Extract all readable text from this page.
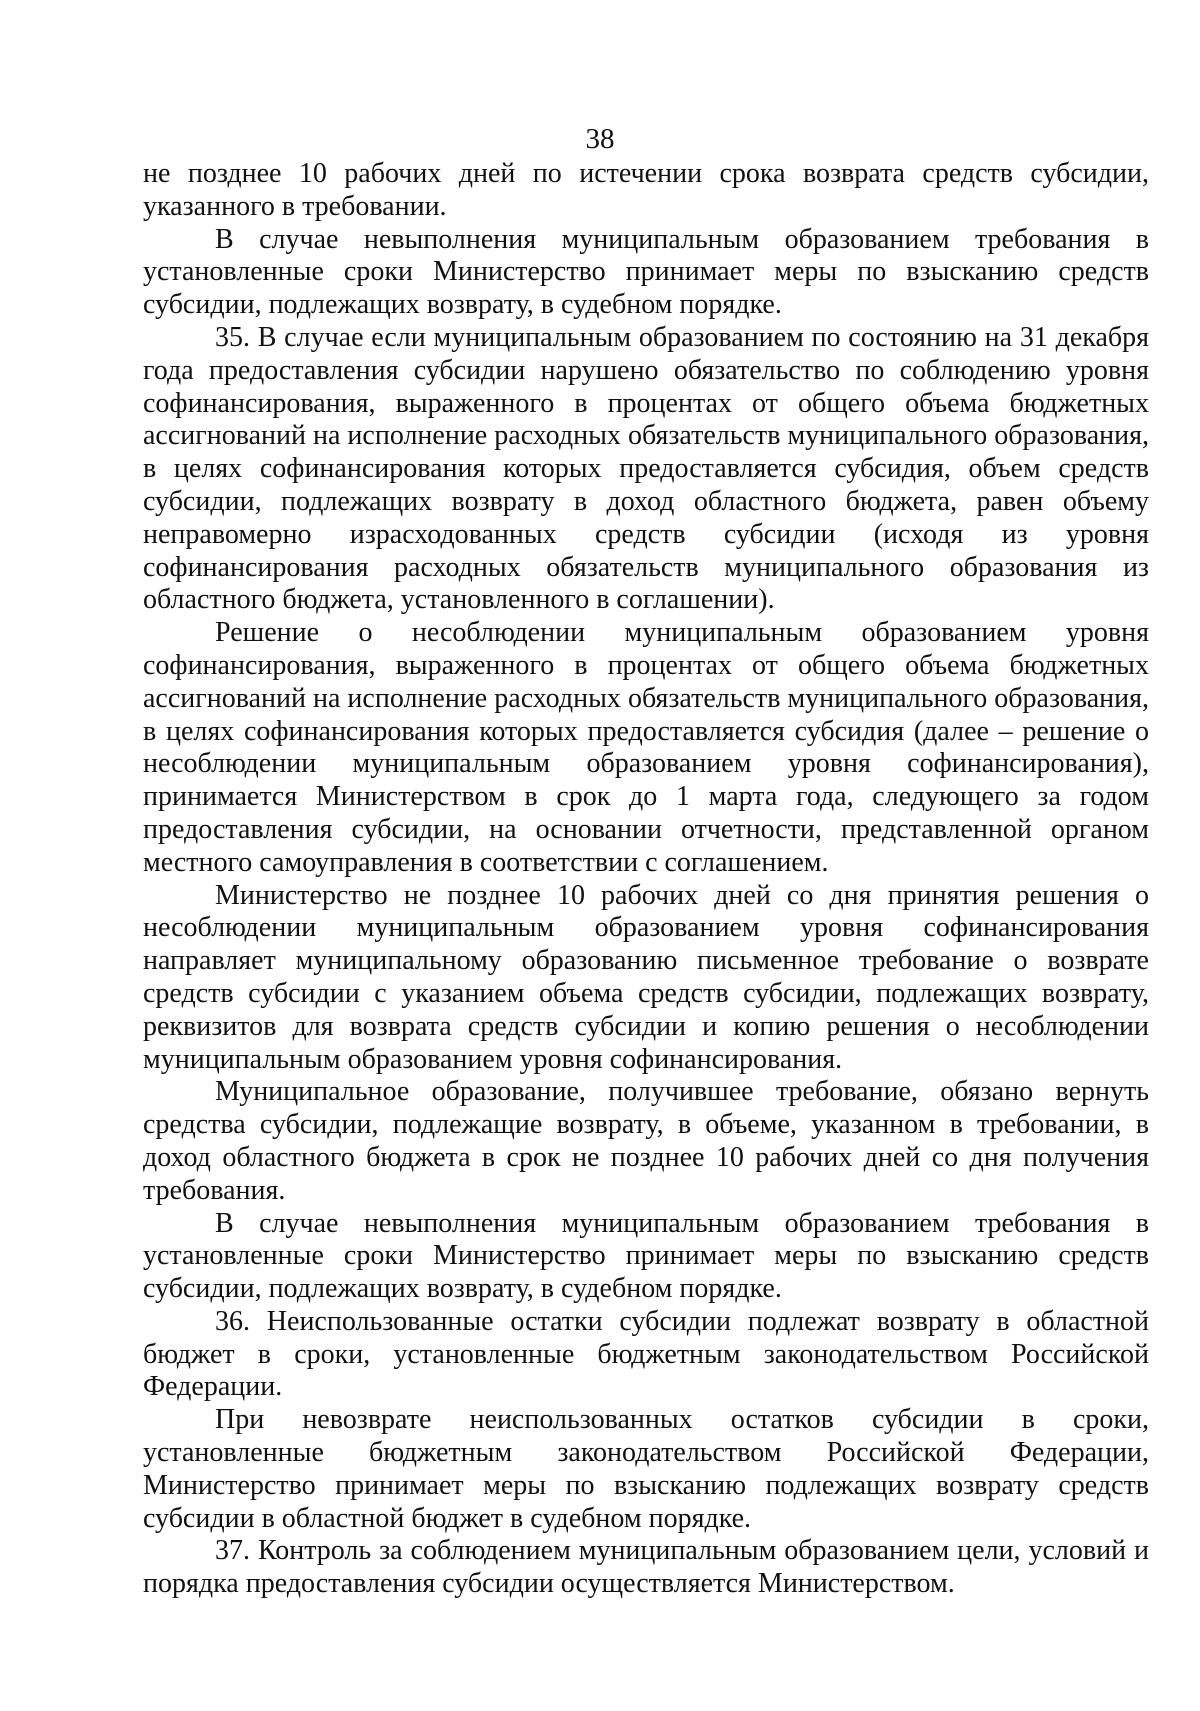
38

не позднее 10 рабочих дней по истечении срока возврата средств субсидии, указанного в требовании.

В случае невыполнения муниципальным образованием требования в установленные сроки Министерство принимает меры по взысканию средств субсидии, подлежащих возврату, в судебном порядке.

35. В случае если муниципальным образованием по состоянию на 31 декабря года предоставления субсидии нарушено обязательство по соблюдению уровня софинансирования, выраженного в процентах от общего объема бюджетных ассигнований на исполнение расходных обязательств муниципального образования, в целях софинансирования которых предоставляется субсидия, объем средств субсидии, подлежащих возврату в доход областного бюджета, равен объему неправомерно израсходованных средств субсидии (исходя из уровня софинансирования расходных обязательств муниципального образования из областного бюджета, установленного в соглашении).

Решение о несоблюдении муниципальным образованием уровня софинансирования, выраженного в процентах от общего объема бюджетных ассигнований на исполнение расходных обязательств муниципального образования, в целях софинансирования которых предоставляется субсидия (далее – решение о несоблюдении муниципальным образованием уровня софинансирования), принимается Министерством в срок до 1 марта года, следующего за годом предоставления субсидии, на основании отчетности, представленной органом местного самоуправления в соответствии с соглашением.

Министерство не позднее 10 рабочих дней со дня принятия решения о несоблюдении муниципальным образованием уровня софинансирования направляет муниципальному образованию письменное требование о возврате средств субсидии с указанием объема средств субсидии, подлежащих возврату, реквизитов для возврата средств субсидии и копию решения о несоблюдении муниципальным образованием уровня софинансирования.

Муниципальное образование, получившее требование, обязано вернуть средства субсидии, подлежащие возврату, в объеме, указанном в требовании, в доход областного бюджета в срок не позднее 10 рабочих дней со дня получения требования.

В случае невыполнения муниципальным образованием требования в установленные сроки Министерство принимает меры по взысканию средств субсидии, подлежащих возврату, в судебном порядке.

36. Неиспользованные остатки субсидии подлежат возврату в областной бюджет в сроки, установленные бюджетным законодательством Российской Федерации.

При невозврате неиспользованных остатков субсидии в сроки, установленные бюджетным законодательством Российской Федерации, Министерство принимает меры по взысканию подлежащих возврату средств субсидии в областной бюджет в судебном порядке.

37. Контроль за соблюдением муниципальным образованием цели, условий и порядка предоставления субсидии осуществляется Министерством.
